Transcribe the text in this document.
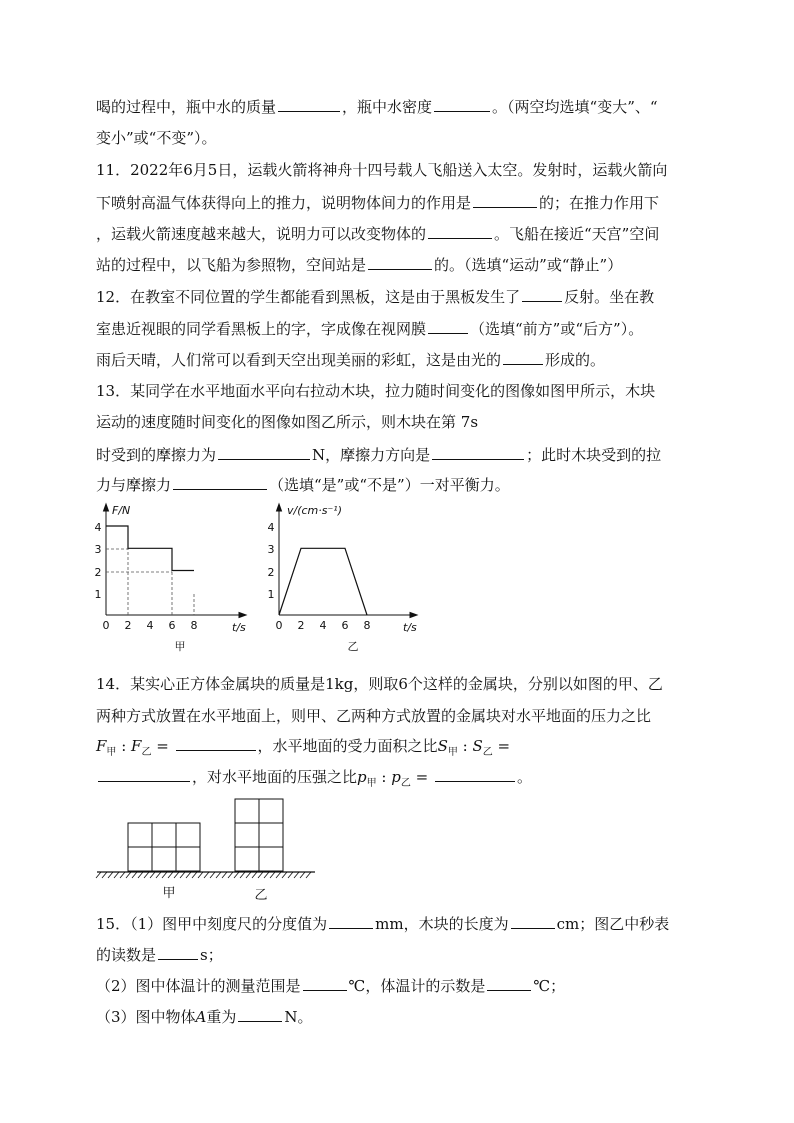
喝的过程中，瓶中水的质量	，瓶中水密度	。（两空均选填“变大”、“
变小”或“不变”）。
11．2022年6月5日，运载火箭将神舟十四号载人飞船送入太空。发射时，运载火箭向
下喷射高温气体获得向上的推力，说明物体间力的作用是	的；在推力作用下
，运载火箭速度越来越大，说明力可以改变物体的	。飞船在接近“天宫”空间
站的过程中，以飞船为参照物，空间站是	的。（选填“运动”或“静止”）
12．在教室不同位置的学生都能看到黑板，这是由于黑板发生了	反射。坐在教
室患近视眼的同学看黑板上的字，字成像在视网膜	（选填“前方”或“后方”）。
雨后天晴，人们常可以看到天空出现美丽的彩虹，这是由光的	形成的。
13．某同学在水平地面水平向右拉动木块，拉力随时间变化的图像如图甲所示，木块
运动的速度随时间变化的图像如图乙所示，则木块在第 7s
时受到的摩擦力为	N，摩擦力方向是	；此时木块受到的拉
力与摩擦力	（选填“是”或“不是”）一对平衡力。
1
2
3
4
0 2 4 6 8
F/N
t/s
甲
1
2
3
4
0 2 4 6 8
v/(cm·s⁻¹)
t/s
乙
14．某实心正方体金属块的质量是1kg，则取6个这样的金属块，分别以如图的甲、乙
两种方式放置在水平地面上，则甲、乙两种方式放置的金属块对水平地面的压力之比
$F_甲$ : $F_乙$ =	，水平地面的受力面积之比$S_甲$ : $S_乙$ =
，对水平地面的压强之比$p_甲$ : $p_乙$ =	。
甲	乙
15．（1）图甲中刻度尺的分度值为	mm，木块的长度为	cm；图乙中秒表
的读数是	s；
（2）图中体温计的测量范围是	℃，体温计的示数是	℃；
（3）图中物体A重为	N。
